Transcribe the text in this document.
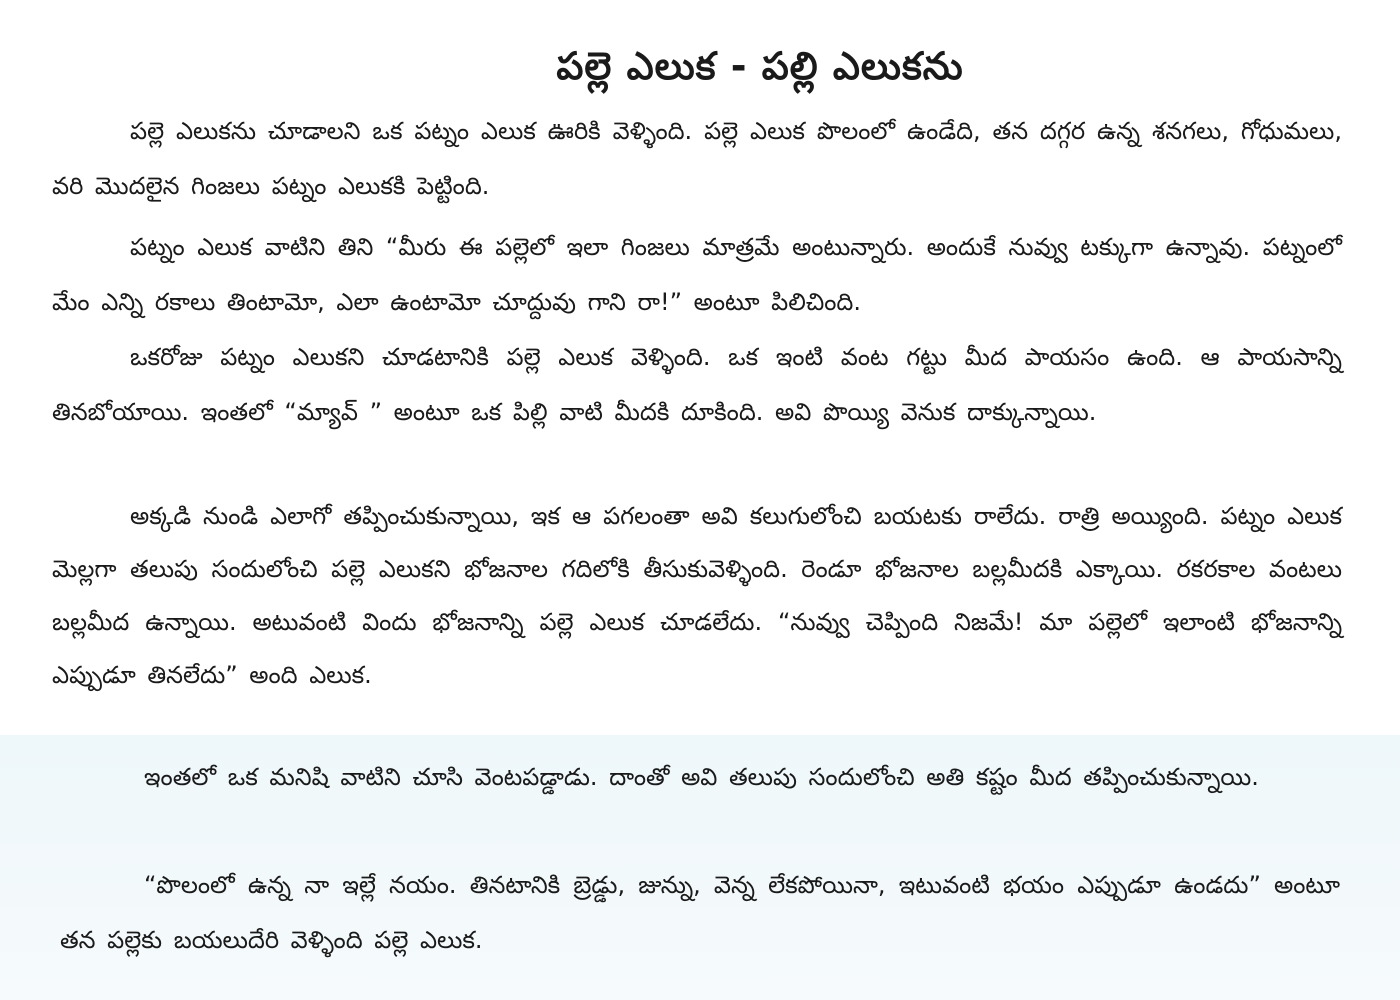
పల్లె ఎలుక - పల్లి ఎలుకను

పల్లె ఎలుకను చూడాలని ఒక పట్నం ఎలుక ఊరికి వెళ్ళింది. పల్లె ఎలుక పొలంలో ఉండేది, తన దగ్గర ఉన్న శనగలు, గోధుమలు, వరి మొదలైన గింజలు పట్నం ఎలుకకి పెట్టింది.

పట్నం ఎలుక వాటిని తిని “మీరు ఈ పల్లెలో ఇలా గింజలు మాత్రమే అంటున్నారు. అందుకే నువ్వు టక్కుగా ఉన్నావు. పట్నంలో మేం ఎన్ని రకాలు తింటామో, ఎలా ఉంటామో చూద్దువు గాని రా!” అంటూ పిలిచింది.

ఒకరోజు పట్నం ఎలుకని చూడటానికి పల్లె ఎలుక వెళ్ళింది. ఒక ఇంటి వంట గట్టు మీద పాయసం ఉంది. ఆ పాయసాన్ని తినబోయాయి. ఇంతలో “మ్యావ్ ” అంటూ ఒక పిల్లి వాటి మీదకి దూకింది. అవి పొయ్యి వెనుక దాక్కున్నాయి.

అక్కడి నుండి ఎలాగో తప్పించుకున్నాయి, ఇక ఆ పగలంతా అవి కలుగులోంచి బయటకు రాలేదు. రాత్రి అయ్యింది. పట్నం ఎలుక మెల్లగా తలుపు సందులోంచి పల్లె ఎలుకని భోజనాల గదిలోకి తీసుకువెళ్ళింది. రెండూ భోజనాల బల్లమీదకి ఎక్కాయి. రకరకాల వంటలు బల్లమీద ఉన్నాయి. అటువంటి విందు భోజనాన్ని పల్లె ఎలుక చూడలేదు. “నువ్వు చెప్పింది నిజమే! మా పల్లెలో ఇలాంటి భోజనాన్ని ఎప్పుడూ తినలేదు” అంది ఎలుక.

ఇంతలో ఒక మనిషి వాటిని చూసి వెంటపడ్డాడు. దాంతో అవి తలుపు సందులోంచి అతి కష్టం మీద తప్పించుకున్నాయి.

“పొలంలో ఉన్న నా ఇల్లే నయం. తినటానికి బ్రెడ్డు, జున్ను, వెన్న లేకపోయినా, ఇటువంటి భయం ఎప్పుడూ ఉండదు” అంటూ తన పల్లెకు బయలుదేరి వెళ్ళింది పల్లె ఎలుక.
